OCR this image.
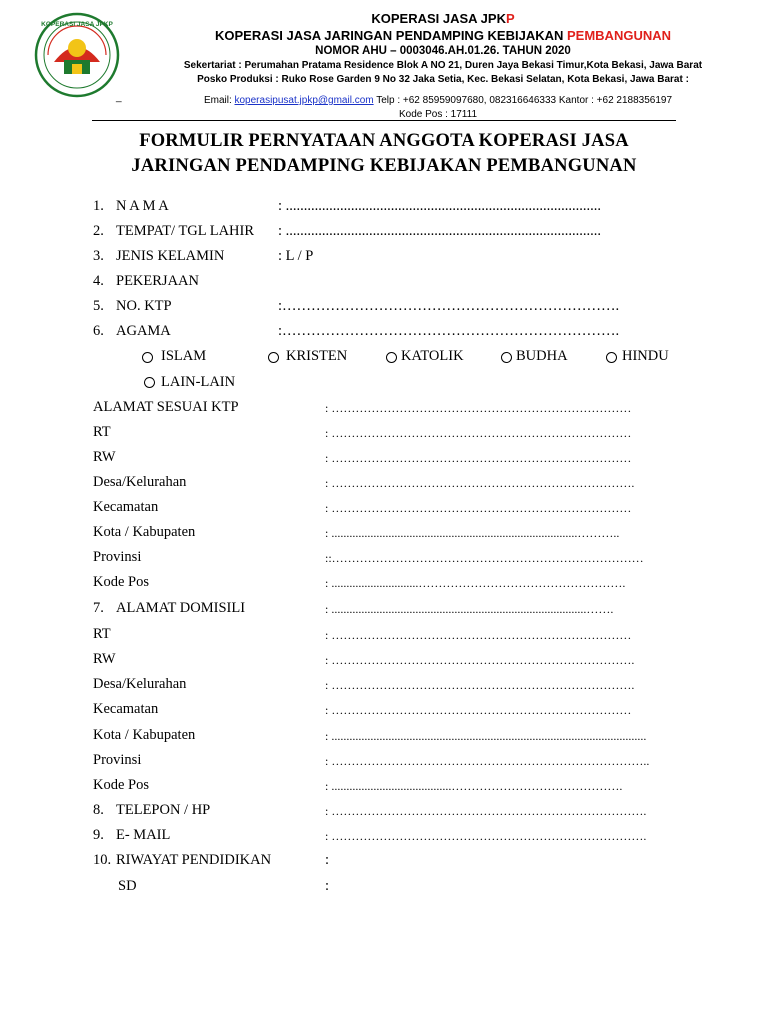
KOPERASI JASA JPKP	KOPERASI JASA JPKP
KOPERASI JASA JARINGAN PENDAMPING KEBIJAKAN PEMBANGUNAN
NOMOR AHU – 0003046.AH.01.26. TAHUN 2020
Sekertariat : Perumahan Pratama Residence Blok A NO 21, Duren Jaya Bekasi Timur,Kota Bekasi, Jawa Barat
Posko Produksi : Ruko Rose Garden 9 No 32 Jaka Setia, Kec. Bekasi Selatan, Kota Bekasi, Jawa Barat :
_	Email: koperasipusat.jpkp@gmail.com Telp : +62 85959097680, 082316646333 Kantor : +62 2188356197
Kode Pos : 17111
FORMULIR PERNYATAAN ANGGOTA KOPERASI JASA
JARINGAN PENDAMPING KEBIJAKAN PEMBANGUNAN
1. N A M A	: .......................................................................................
2. TEMPAT/ TGL LAHIR : .......................................................................................
3. JENIS KELAMIN	: L / P
4. PEKERJAAN
5. NO. KTP	:…………………………………………………………….
6. AGAMA	:…………………………………………………………….
ISLAM	KRISTEN	KATOLIK	BUDHA	HINDU
LAIN-LAIN
ALAMAT SESUAI KTP	: …………………………………………………………………
RT	: …………………………………………………………………
RW	: …………………………………………………………………
Desa/Kelurahan	: ………………………………………………………………….
Kecamatan	: …………………………………………………………………
Kota / Kabupaten	: ..................................................................................………..
Provinsi	::……………………………………………………………………
Kode Pos	: .............................…………………………………………….
7. ALAMAT DOMISILI	: .....................................................................................…….
RT	: …………………………………………………………………
RW	: ………………………………………………………………….
Desa/Kelurahan	: ………………………………………………………………….
Kecamatan	: …………………………………………………………………
Kota / Kabupaten	: .........................................................................................................
Provinsi	: ……………………………………………………………………..
Kode Pos	: ........................................…………………………………….
8. TELEPON / HP	: …………………………………………………………………….
9. E- MAIL	: …………………………………………………………………….
10. RIWAYAT PENDIDIKAN	:
SD	:
